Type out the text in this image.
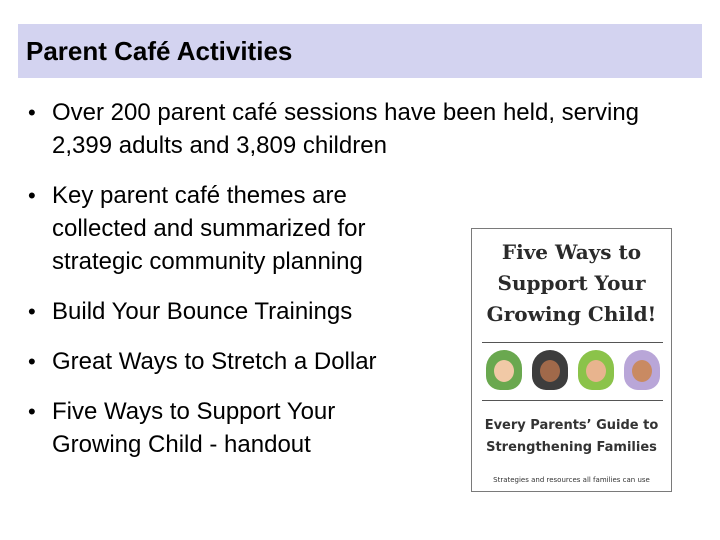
Parent Café Activities
• Over 200 parent café sessions have been held, serving 2,399 adults and 3,809 children
• Key parent café themes are collected and summarized for strategic community planning
• Build Your Bounce Trainings
• Great Ways to Stretch a Dollar
• Five Ways to Support Your Growing Child - handout
Five Ways to Support Your Growing Child!
Every Parents’ Guide to Strengthening Families
Strategies and resources all families can use
